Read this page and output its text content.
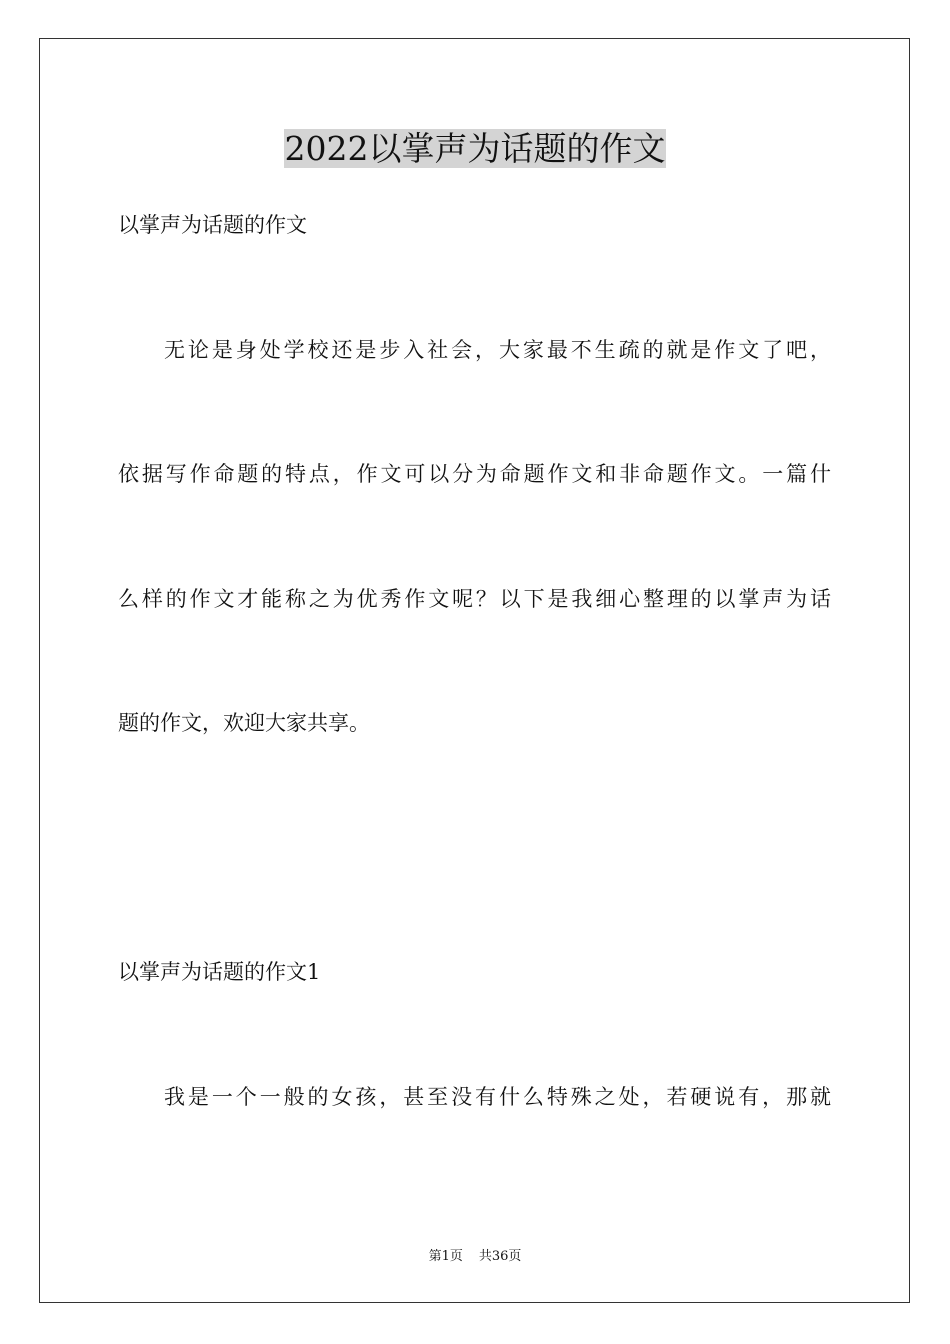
2022以掌声为话题的作文
以掌声为话题的作文
无论是身处学校还是步入社会，大家最不生疏的就是作文了吧，
依据写作命题的特点，作文可以分为命题作文和非命题作文。一篇什
么样的作文才能称之为优秀作文呢？以下是我细心整理的以掌声为话
题的作文，欢迎大家共享。
以掌声为话题的作文1
我是一个一般的女孩，甚至没有什么特殊之处，若硬说有，那就
第1页 共36页
